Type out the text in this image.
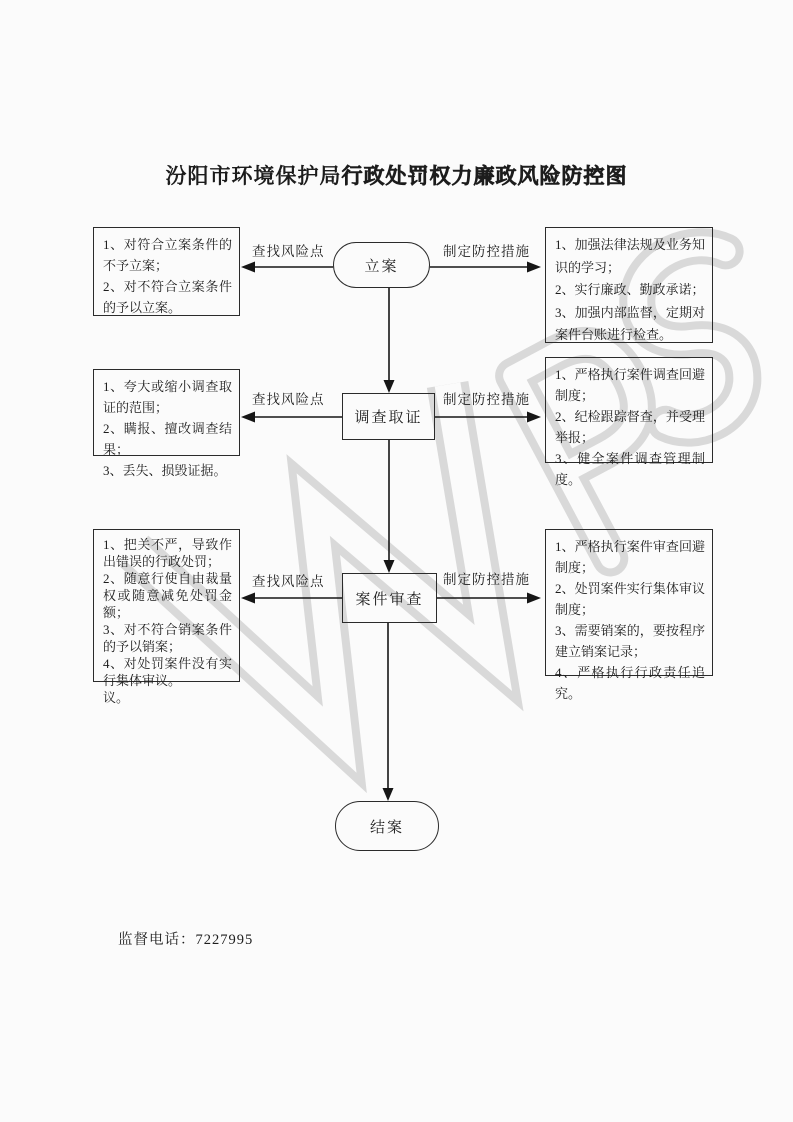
汾阳市环境保护局行政处罚权力廉政风险防控图
1、对符合立案条件的不予立案；
2、对不符合立案条件的予以立案。
查找风险点
立案
制定防控措施 1、加强法律法规及业务知识的学习；
2、实行廉政、勤政承诺；
3、加强内部监督，定期对案件台账进行检查。
1、夸大或缩小调查取证的范围；
2、瞒报、擅改调查结果；
3、丢失、损毁证据。
查找风险点
调查取证
制定防控措施
1、严格执行案件调查回避制度；
2、纪检跟踪督查，并受理举报；
3、健全案件调查管理制度。
1、把关不严，导致作出错误的行政处罚；
2、随意行使自由裁量权或随意减免处罚金额；
3、对不符合销案条件的予以销案；
4、对处罚案件没有实行集体审议。
议。
查找风险点
案件审查
制定防控措施
1、严格执行案件审查回避制度；
2、处罚案件实行集体审议制度；
3、需要销案的，要按程序建立销案记录；
4、严格执行行政责任追究。
结案
监督电话：7227995
